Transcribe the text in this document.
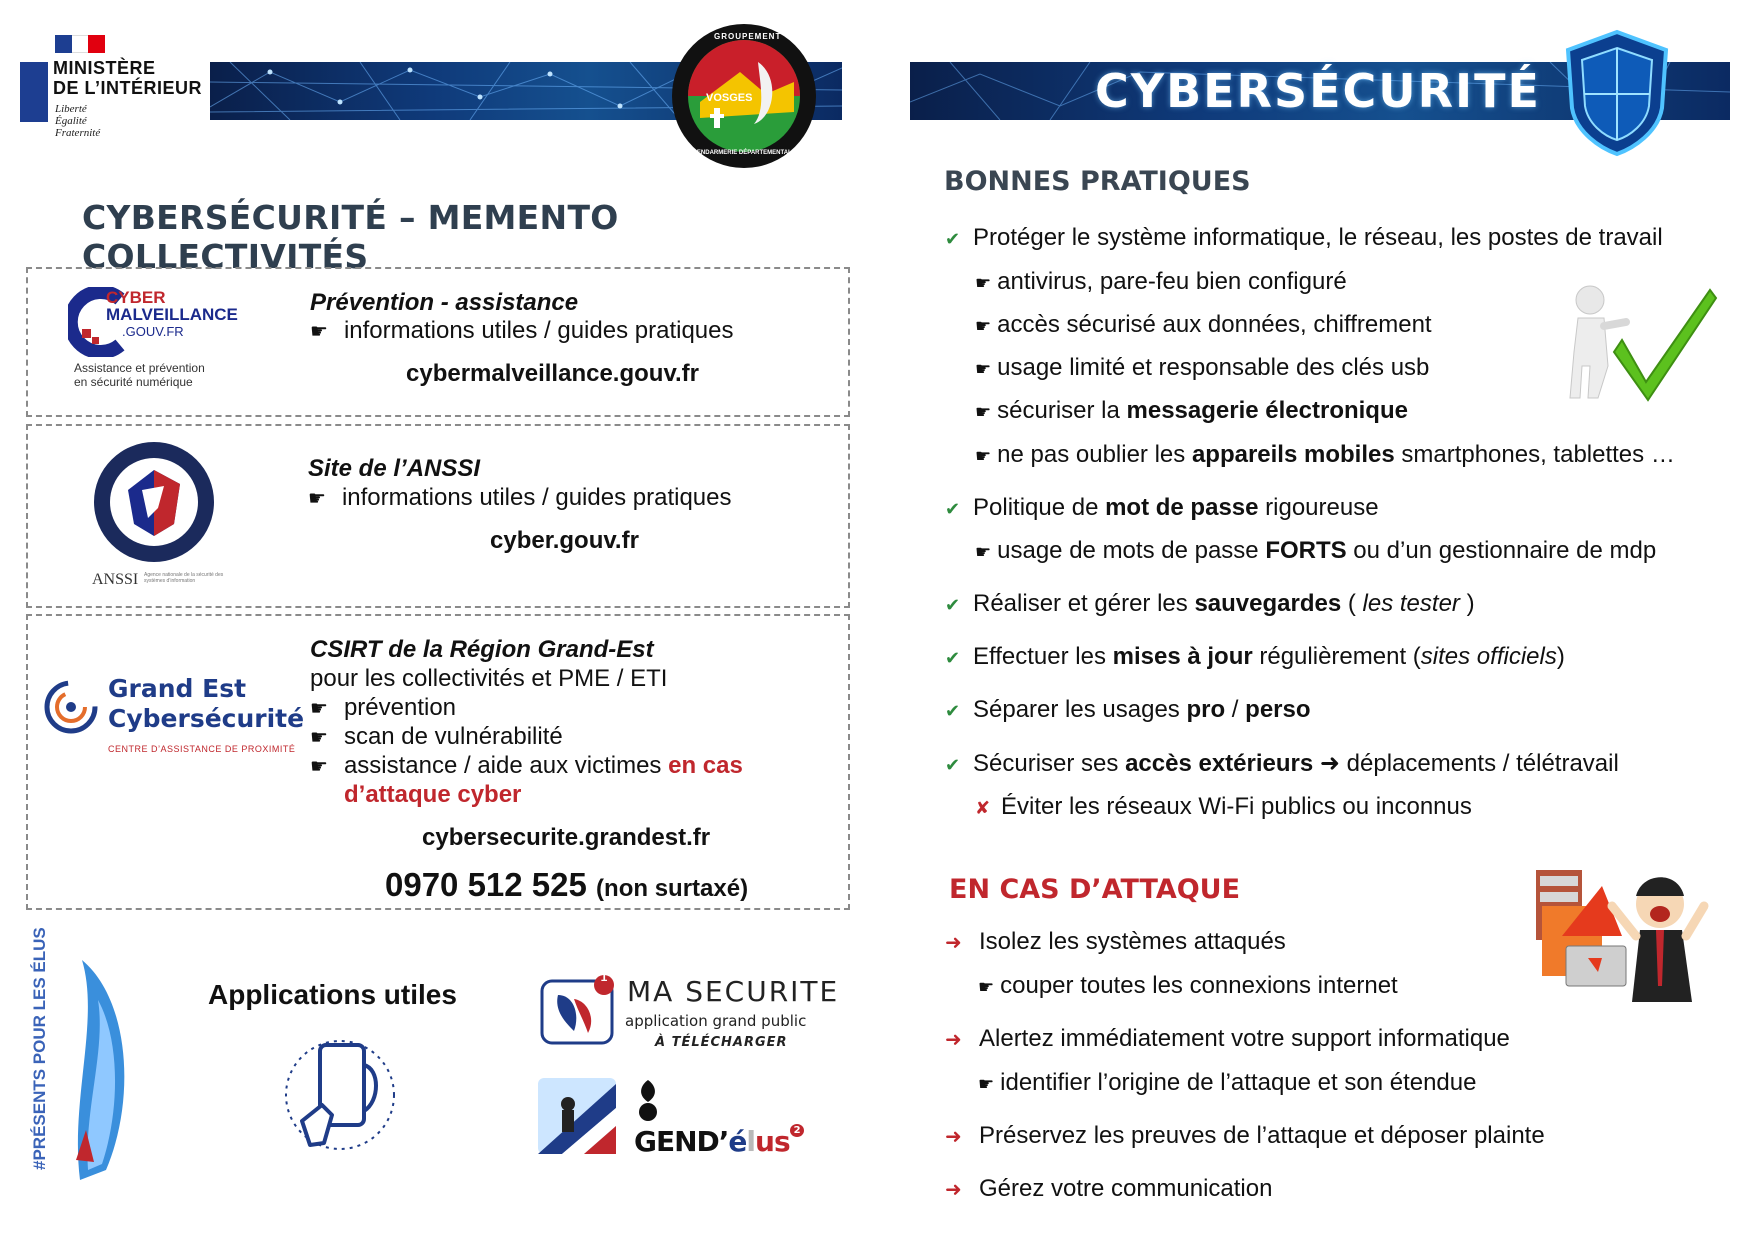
MINISTÈRE
DE L’INTÉRIEUR
Liberté
Égalité
Fraternité
GROUPEMENT
VOSGES
GENDARMERIE DÉPARTEMENTALE
CYBERSÉCURITÉ
CYBERSÉCURITÉ – MEMENTO COLLECTIVITÉS
CYBER
MALVEILLANCE
.GOUV.FR
Assistance et prévention
en sécurité numérique
Prévention - assistance
☛ informations utiles / guides pratiques
cybermalveillance.gouv.fr
ANSSI Agence nationale de la sécurité des systèmes d’information
Site de l’ANSSI
☛ informations utiles / guides pratiques
cyber.gouv.fr
Grand Est
Cybersécurité
CENTRE D’ASSISTANCE DE PROXIMITÉ
CSIRT de la Région Grand-Est
pour les collectivités et PME / ETI
☛ prévention
☛ scan de vulnérabilité
☛ assistance / aide aux victimes en cas
d’attaque cyber
cybersecurite.grandest.fr
0970 512 525 (non surtaxé)
#PRÉSENTS POUR LES ÉLUS	Applications utiles
1 MA SECURITE
application grand public
À TÉLÉCHARGER
GEND’élus $^2$
BONNES PRATIQUES
✔ Protéger le système informatique, le réseau, les postes de travail
☛ antivirus, pare-feu bien configuré
☛ accès sécurisé aux données, chiffrement
☛ usage limité et responsable des clés usb
☛ sécuriser la messagerie électronique
☛ ne pas oublier les appareils mobiles smartphones, tablettes …
✔ Politique de mot de passe rigoureuse
☛ usage de mots de passe FORTS ou d’un gestionnaire de mdp
✔ Réaliser et gérer les sauvegardes ( les tester )
✔ Effectuer les mises à jour régulièrement (sites officiels)
✔ Séparer les usages pro / perso
✔ Sécuriser ses accès extérieurs ➜ déplacements / télétravail
✘ Éviter les réseaux Wi-Fi publics ou inconnus
EN CAS D’ATTAQUE
➜ Isolez les systèmes attaqués
☛ couper toutes les connexions internet
➜ Alertez immédiatement votre support informatique
☛ identifier l’origine de l’attaque et son étendue
➜ Préservez les preuves de l’attaque et déposer plainte
➜ Gérez votre communication
